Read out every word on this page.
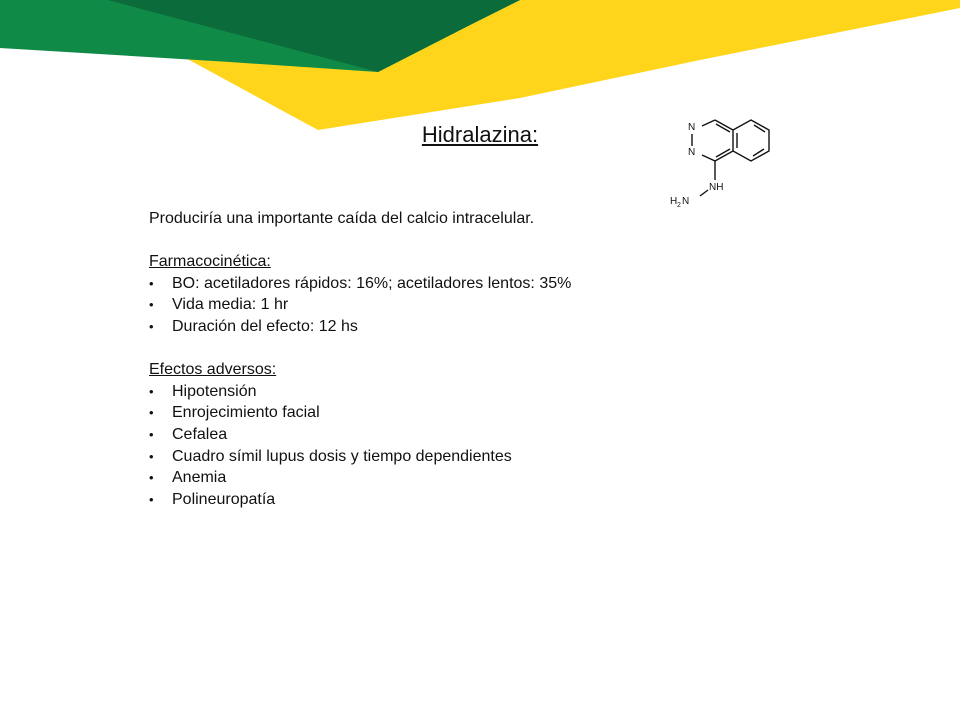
Hidralazina:	N
N
NH
H 2 N

Produciría una importante caída del calcio intracelular.

Farmacocinética:

• BO: acetiladores rápidos: 16%; acetiladores lentos: 35%
• Vida media: 1 hr
• Duración del efecto: 12 hs

Efectos adversos:

• Hipotensión
• Enrojecimiento facial
• Cefalea
• Cuadro símil lupus dosis y tiempo dependientes
• Anemia
• Polineuropatía
